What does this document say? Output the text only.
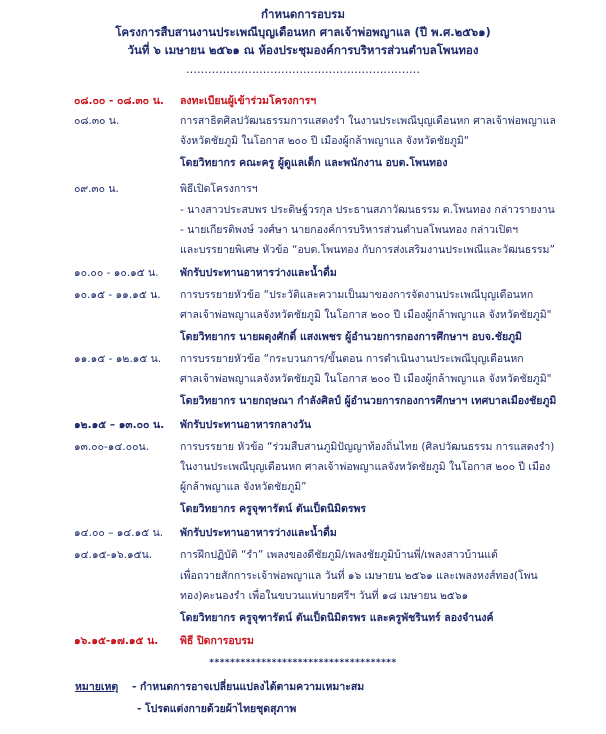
กำหนดการอบรม
โครงการสืบสานงานประเพณีบุญเดือนหก ศาลเจ้าพ่อพญาแล (ปี พ.ศ.๒๕๖๑)
วันที่ ๖ เมษายน ๒๕๖๑ ณ ห้องประชุมองค์การบริหารส่วนตำบลโพนทอง
................................................................
๐๘.๐๐ - ๐๘.๓๐ น. ลงทะเบียนผู้เข้าร่วมโครงการฯ
๐๘.๓๐ น.	การสาธิตศิลปวัฒนธรรมการแสดงรำ ในงานประเพณีบุญเดือนหก ศาลเจ้าพ่อพญาแล
จังหวัดชัยภูมิ ในโอกาส ๒๐๐ ปี เมืองผู้กล้าพญาแล จังหวัดชัยภูมิ"
โดยวิทยากร คณะครู ผู้ดูแลเด็ก และพนักงาน อบต.โพนทอง
๐๙.๓๐ น.	พิธีเปิดโครงการฯ
- นางสาวประสบพร ประดิษฐ์วรกุล ประธานสภาวัฒนธรรม ต.โพนทอง กล่าวรายงาน
- นายเกียรติพงษ์ วงศ์ษา นายกองค์การบริหารส่วนตำบลโพนทอง กล่าวเปิดฯ
และบรรยายพิเศษ หัวข้อ “อบต.โพนทอง กับการส่งเสริมงานประเพณีและวัฒนธรรม”
๑๐.๐๐ - ๑๐.๑๕ น. พักรับประทานอาหารว่างและน้ำดื่ม
๑๐.๑๕ - ๑๑.๑๕ น. การบรรยายหัวข้อ “ประวัติและความเป็นมาของการจัดงานประเพณีบุญเดือนหก
ศาลเจ้าพ่อพญาแลจังหวัดชัยภูมิ ในโอกาส ๒๐๐ ปี เมืองผู้กล้าพญาแล จังหวัดชัยภูมิ"
โดยวิทยากร นายผดุงศักดิ์ แสงเพชร ผู้อำนวยการกองการศึกษาฯ อบจ.ชัยภูมิ
๑๑.๑๕ - ๑๒.๑๕ น. การบรรยายหัวข้อ “กระบวนการ/ขั้นตอน การดำเนินงานประเพณีบุญเดือนหก
ศาลเจ้าพ่อพญาแลจังหวัดชัยภูมิ ในโอกาส ๒๐๐ ปี เมืองผู้กล้าพญาแล จังหวัดชัยภูมิ"
โดยวิทยากร นายกฤษณา กำลังศิลป์ ผู้อำนวยการกองการศึกษาฯ เทศบาลเมืองชัยภูมิ
๑๒.๑๕ – ๑๓.๐๐ น. พักรับประทานอาหารกลางวัน
๑๓.๐๐-๑๔.๐๐น.	การบรรยาย หัวข้อ “ร่วมสืบสานภูมิปัญญาท้องถิ่นไทย (ศิลปวัฒนธรรม การแสดงรำ)
ในงานประเพณีบุญเดือนหก ศาลเจ้าพ่อพญาแลจังหวัดชัยภูมิ ในโอกาส ๒๐๐ ปี เมือง
ผู้กล้าพญาแล จังหวัดชัยภูมิ”
โดยวิทยากร ครูจุฑารัตน์ ตันเป็ดนิมิตรพร
๑๔.๐๐ – ๑๔.๑๕ น. พักรับประทานอาหารว่างและน้ำดื่ม
๑๔.๑๕-๑๖.๑๕น.	การฝึกปฏิบัติ “รำ” เพลงของดีชัยภูมิ/เพลงชัยภูมิบ้านพี่/เพลงสาวบ้านแต้
เพื่อถวายสักการะเจ้าพ่อพญาแล วันที่ ๑๖ เมษายน ๒๕๖๑ และเพลงหงส์ทอง(โพน
ทอง)คะนองรำ เพื่อในขบวนแห่บายศรีฯ วันที่ ๑๘ เมษายน ๒๕๖๑
โดยวิทยากร ครูจุฑารัตน์ ตันเป็ดนิมิตรพร และครูพัชรินทร์ ลองจำนงค์
๑๖.๑๕-๑๗.๑๕ น. พิธี ปิดการอบรม
************************************
หมายเหตุ - กำหนดการอาจเปลี่ยนแปลงได้ตามความเหมาะสม
- โปรดแต่งกายด้วยผ้าไทยชุดสุภาพ
